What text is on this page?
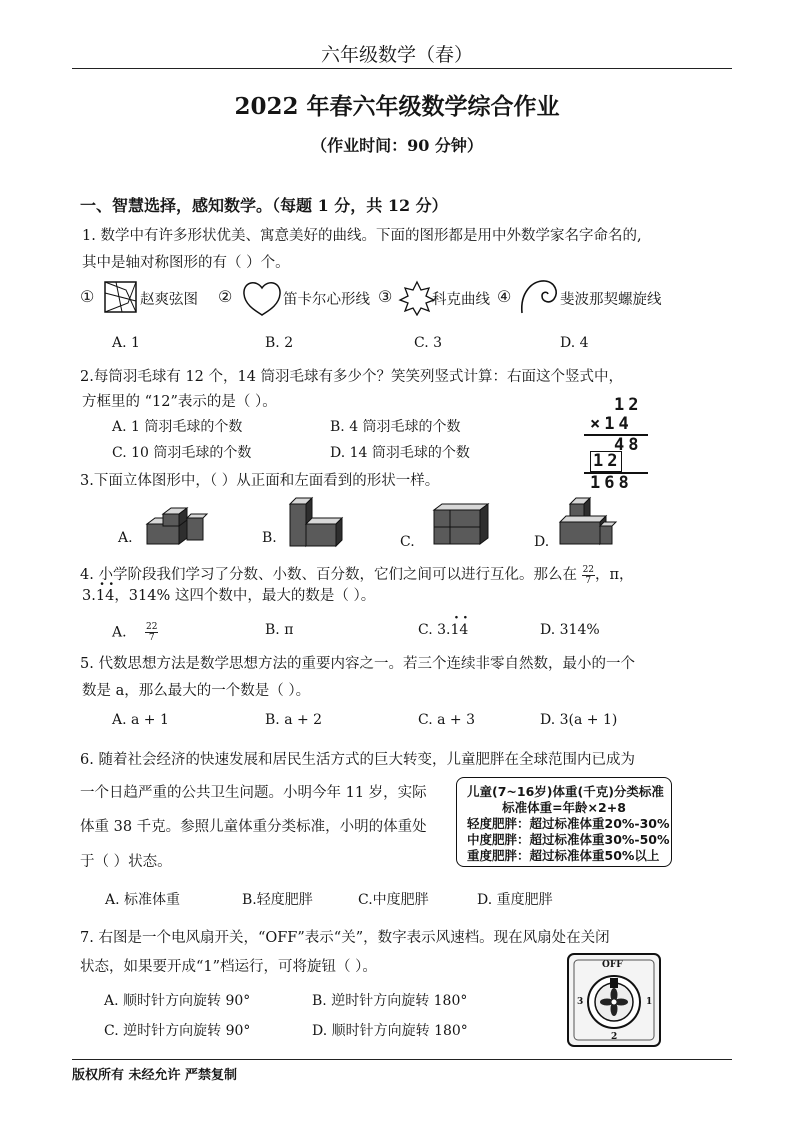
六年级数学（春）
2022 年春六年级数学综合作业
（作业时间：90 分钟）
一、智慧选择，感知数学。（每题 1 分，共 12 分）
1. 数学中有许多形状优美、寓意美好的曲线。下面的图形都是用中外数学家名字命名的,
其中是轴对称图形的有（ ）个。
①	赵爽弦图 ②	笛卡尔心形线 ③	科克曲线 ④	斐波那契螺旋线
A. 1	B. 2	C. 3	D. 4
2.每筒羽毛球有 12 个，14 筒羽毛球有多少个？笑笑列竖式计算：右面这个竖式中，
方框里的 “12”表示的是（ ）。
A. 1 筒羽毛球的个数	B. 4 筒羽毛球的个数
C. 10 筒羽毛球的个数	D. 14 筒羽毛球的个数
12
×14
48
12
168
3.下面立体图形中，（ ）从正面和左面看到的形状一样。
A.	B.	C.	D.
4. 小学阶段我们学习了分数、小数、百分数，它们之间可以进行互化。那么在 $\frac{22}{7}$ ，π，
3.1 ·4 ·，314% 这四个数中，最大的数是（ ）。
A. $\frac{22}{7}$	B. π	C. 3.1 ·4 ·	D. 314%
5. 代数思想方法是数学思想方法的重要内容之一。若三个连续非零自然数，最小的一个
数是 a，那么最大的一个数是（ ）。
A. a + 1	B. a + 2	C. a + 3	D. 3(a + 1)
6. 随着社会经济的快速发展和居民生活方式的巨大转变，儿童肥胖在全球范围内已成为
一个日趋严重的公共卫生问题。小明今年 11 岁，实际
体重 38 千克。参照儿童体重分类标准，小明的体重处
于（ ）状态。
儿童(7~16岁)体重(千克)分类标准
标准体重=年龄×2+8
轻度肥胖：超过标准体重20%-30%
中度肥胖：超过标准体重30%-50%
重度肥胖：超过标准体重50%以上
A. 标准体重	B.轻度肥胖	C.中度肥胖	D. 重度肥胖
7. 右图是一个电风扇开关，“OFF”表示“关”，数字表示风速档。现在风扇处在关闭
状态，如果要开成“1”档运行，可将旋钮（ ）。
A. 顺时针方向旋转 90°	B. 逆时针方向旋转 180°
C. 逆时针方向旋转 90°	D. 顺时针方向旋转 180°
OFF
1
2
3
版权所有 未经允许 严禁复制
